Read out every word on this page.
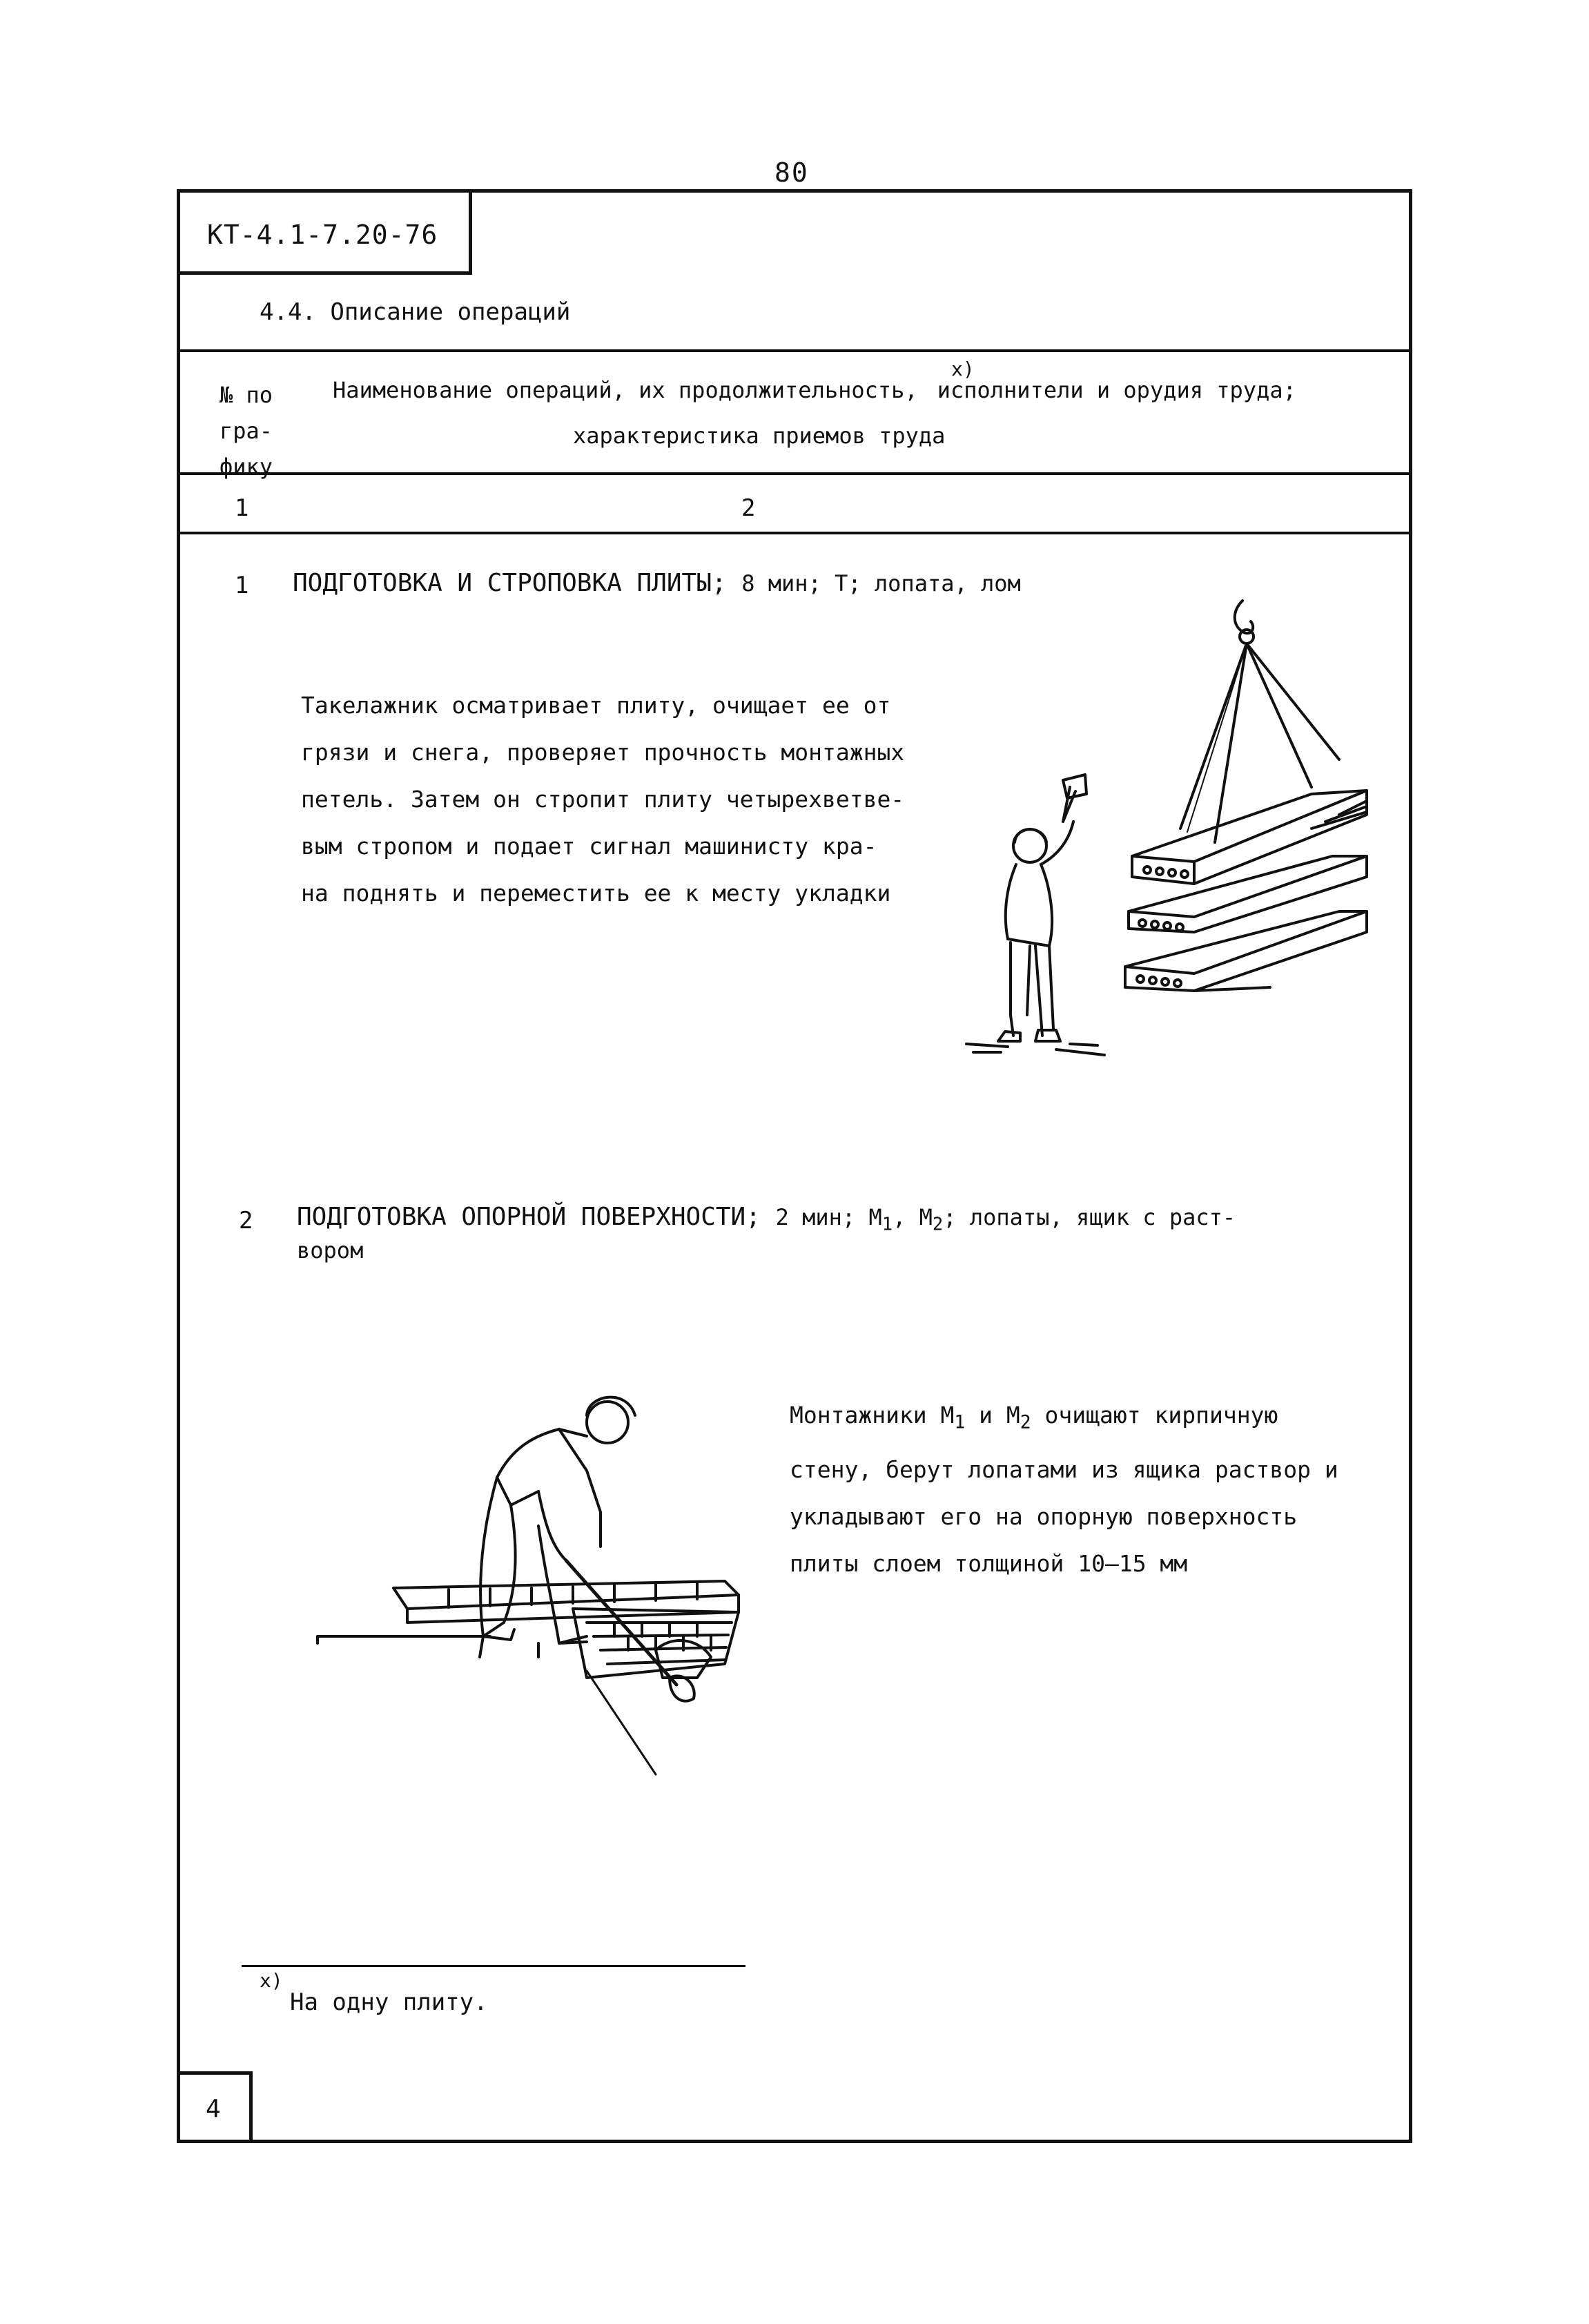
80
КТ-4.1-7.20-76
4.4. Описание операций
№ по
гра-
фику
Наименование операций, их продолжительность, исполнители и орудия труда;
x)
характеристика приемов труда
1	2
1 ПОДГОТОВКА И СТРОПОВКА ПЛИТЫ; 8 мин; Т; лопата, лом
Такелажник осматривает плиту, очищает ее от
грязи и снега, проверяет прочность монтажных
петель. Затем он стропит плиту четырехветве-
вым стропом и подает сигнал машинисту кра-
на поднять и переместить ее к месту укладки
2 ПОДГОТОВКА ОПОРНОЙ ПОВЕРХНОСТИ; 2 мин; $М_1$, $М_2$; лопаты, ящик с раст-
вором
Монтажники $М_1$ и $М_2$ очищают кирпичную
стену, берут лопатами из ящика раствор и
укладывают его на опорную поверхность
плиты слоем толщиной 10–15 мм
x)
На одну плиту.
4
